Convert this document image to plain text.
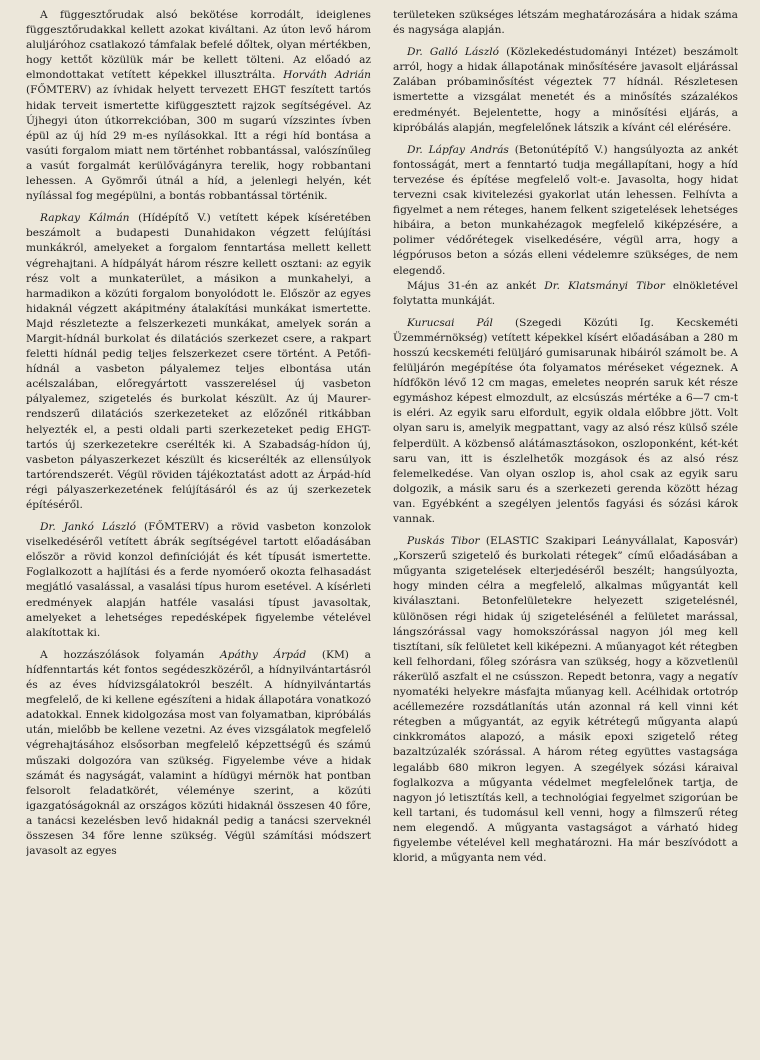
A függesztőrudak alsó bekötése korrodált, ideiglenes függesztőrudakkal kellett azokat kiváltani. Az úton levő három aluljáróhoz csatlakozó támfalak befelé dőltek, olyan mértékben, hogy kettőt közülük már be kellett tölteni. Az előadó az elmondottakat vetített képekkel illusztrálta. Horváth Adrián (FŐMTERV) az ívhidak helyett tervezett EHGT feszített tartós hidak terveit ismertette kifüggesztett rajzok segítségével. Az Újhegyi úton útkorrekcióban, 300 m sugarú vízszintes ívben épül az új híd 29 m-es nyílásokkal. Itt a régi híd bontása a vasúti forgalom miatt nem történhet robbantással, valószínűleg a vasút forgalmát kerülővágányra terelik, hogy robbantani lehessen. A Gyömrői útnál a híd, a jelenlegi helyén, két nyílással fog megépülni, a bontás robbantással történik.

Rapkay Kálmán (Hídépítő V.) vetített képek kíséretében beszámolt a budapesti Dunahidakon végzett felújítási munkákról, amelyeket a forgalom fenntartása mellett kellett végrehajtani. A hídpályát három részre kellett osztani: az egyik rész volt a munkaterület, a másikon a munkahelyi, a harmadikon a közúti forgalom bonyolódott le. Először az egyes hidaknál végzett akápitmény átalakítási munkákat ismertette. Majd részletezte a felszerkezeti munkákat, amelyek során a Margit-hídnál burkolat és dilatációs szerkezet csere, a rakpart feletti hídnál pedig teljes felszerkezet csere történt. A Petőfi-hídnál a vasbeton pályalemez teljes elbontása után acélszalában, előregyártott vasszerelésel új vasbeton pályalemez, szigetelés és burkolat készült. Az új Maurer-rendszerű dilatációs szerkezeteket az előzőnél ritkábban helyezték el, a pesti oldali parti szerkezeteket pedig EHGT-tartós új szerkezetekre cserélték ki. A Szabadság-hídon új, vasbeton pályaszerkezet készült és kicserélték az ellensúlyok tartórendszerét. Végül röviden tájékoztatást adott az Árpád-híd régi pályaszerkezetének felújításáról és az új szerkezetek építéséről.

Dr. Jankó László (FŐMTERV) a rövid vasbeton konzolok viselkedéséről vetített ábrák segítségével tartott előadásában először a rövid konzol definícióját és két típusát ismertette. Foglalkozott a hajlítási és a ferde nyomóerő okozta felhasadást megjátló vasalással, a vasalási típus hurom esetével. A kísérleti eredmények alapján hatféle vasalási típust javasoltak, amelyeket a lehetséges repedésképek figyelembe vételével alakítottak ki.

A hozzászólások folyamán Apáthy Árpád (KM) a hídfenntartás két fontos segédeszközéről, a hídnyilvántartásról és az éves hídvizsgálatokról beszélt. A hídnyilvántartás megfelelő, de ki kellene egészíteni a hidak állapotára vonatkozó adatokkal. Ennek kidolgozása most van folyamatban, kipróbálás után, mielőbb be kellene vezetni. Az éves vizsgálatok megfelelő végrehajtásához elsősorban megfelelő képzettségű és számú műszaki dolgozóra van szükség. Figyelembe véve a hidak számát és nagyságát, valamint a hídügyi mérnök hat pontban felsorolt feladatkörét, véleménye szerint, a közúti igazgatóságoknál az országos közúti hidaknál összesen 40 főre, a tanácsi kezelésben levő hidaknál pedig a tanácsi szerveknél összesen 34 főre lenne szükség. Végül számítási módszert javasolt az egyes

területeken szükséges létszám meghatározására a hidak száma és nagysága alapján.

Dr. Galló László (Közlekedéstudományi Intézet) beszámolt arról, hogy a hidak állapotának minősítésére javasolt eljárással Zalában próbaminősítést végeztek 77 hídnál. Részletesen ismertette a vizsgálat menetét és a minősítés százalékos eredményét. Bejelentette, hogy a minősítési eljárás, a kipróbálás alapján, megfelelőnek látszik a kívánt cél elérésére.

Dr. Lápfay András (Betonútépítő V.) hangsúlyozta az ankét fontosságát, mert a fenntartó tudja megállapítani, hogy a híd tervezése és építése megfelelő volt-e. Javasolta, hogy hidat tervezni csak kivitelezési gyakorlat után lehessen. Felhívta a figyelmet a nem réteges, hanem felkent szigetelések lehetséges hibáira, a beton munkahézagok megfelelő kiképzésére, a polimer védőrétegek viselkedésére, végül arra, hogy a légpórusos beton a sózás elleni védelemre szükséges, de nem elegendő.

Május 31-én az ankét Dr. Klatsmányi Tibor elnökletével folytatta munkáját.

Kurucsai Pál (Szegedi Közúti Ig. Kecskeméti Üzemmérnökség) vetített képekkel kísért előadásában a 280 m hosszú kecskeméti felüljáró gumisarunak hibáiról számolt be. A felüljárón megépítése óta folyamatos méréseket végeznek. A hídfőkön lévő 12 cm magas, emeletes neoprén saruk két része egymáshoz képest elmozdult, az elcsúszás mértéke a 6—7 cm-t is eléri. Az egyik saru elfordult, egyik oldala előbbre jött. Volt olyan saru is, amelyik megpattant, vagy az alsó rész külső széle felperdült. A közbenső alátámasztásokon, oszloponként, két-két saru van, itt is észlelhetők mozgások és az alsó rész felemelkedése. Van olyan oszlop is, ahol csak az egyik saru dolgozik, a másik saru és a szerkezeti gerenda között hézag van. Egyébként a szegélyen jelentős fagyási és sózási károk vannak.

Puskás Tibor (ELASTIC Szakipari Leányvállalat, Kaposvár) „Korszerű szigetelő és burkolati rétegek” című előadásában a műgyanta szigetelések elterjedéséről beszélt; hangsúlyozta, hogy minden célra a megfelelő, alkalmas műgyantát kell kiválasztani. Betonfelületekre helyezett szigetelésnél, különösen régi hidak új szigetelésénél a felületet marással, lángszórással vagy homokszórással nagyon jól meg kell tisztítani, sík felületet kell kiképezni. A műanyagot két rétegben kell felhordani, főleg szórásra van szükség, hogy a közvetlenül rákerülő aszfalt el ne csússzon. Repedt betonra, vagy a negatív nyomatéki helyekre másfajta műanyag kell. Acélhidak ortotróp acéllemezére rozsdátlanítás után azonnal rá kell vinni két rétegben a műgyantát, az egyik kétrétegű műgyanta alapú cinkkromátos alapozó, a másik epoxi szigetelő réteg bazaltzúzalék szórással. A három réteg együttes vastagsága legalább 680 mikron legyen. A szegélyek sózási káraival foglalkozva a műgyanta védelmet megfelelőnek tartja, de nagyon jó letisztítás kell, a technológiai fegyelmet szigorúan be kell tartani, és tudomásul kell venni, hogy a filmszerű réteg nem elegendő. A műgyanta vastagságot a várható hideg figyelembe vételével kell meghatározni. Ha már beszívódott a klorid, a műgyanta nem véd.
